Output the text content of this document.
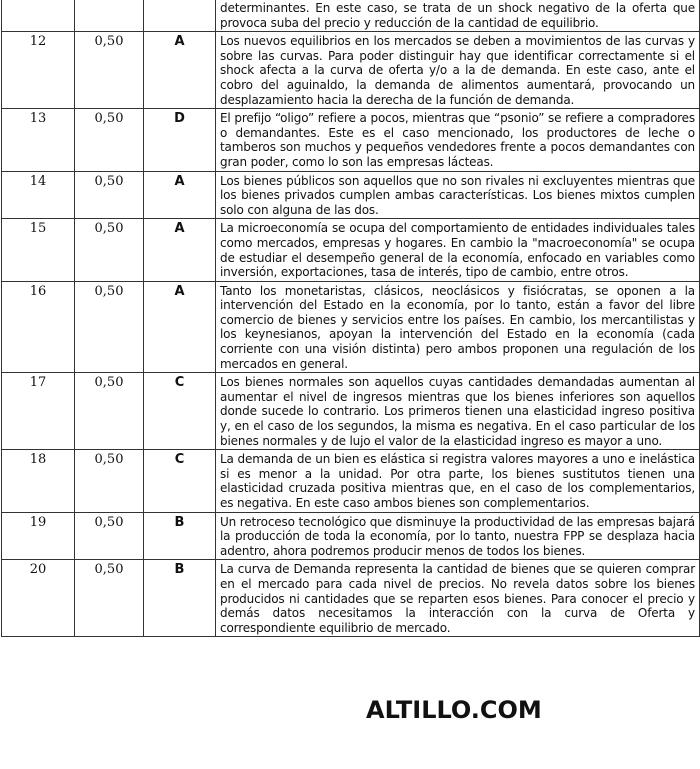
			determinantes. En este caso, se trata de un shock negativo de la oferta que provoca suba del precio y reducción de la cantidad de equilibrio.
12	0,50	A	Los nuevos equilibrios en los mercados se deben a movimientos de las curvas y sobre las curvas. Para poder distinguir hay que identificar correctamente si el shock afecta a la curva de oferta y/o a la de demanda. En este caso, ante el cobro del aguinaldo, la demanda de alimentos aumentará, provocando un desplazamiento hacia la derecha de la función de demanda.
13	0,50	D	El prefijo “oligo” refiere a pocos, mientras que “psonio” se refiere a compradores o demandantes. Este es el caso mencionado, los productores de leche o tamberos son muchos y pequeños vendedores frente a pocos demandantes con gran poder, como lo son las empresas lácteas.
14	0,50	A	Los bienes públicos son aquellos que no son rivales ni excluyentes mientras que los bienes privados cumplen ambas características. Los bienes mixtos cumplen solo con alguna de las dos.
15	0,50	A	La microeconomía se ocupa del comportamiento de entidades individuales tales como mercados, empresas y hogares. En cambio la "macroeconomía" se ocupa de estudiar el desempeño general de la economía, enfocado en variables como inversión, exportaciones, tasa de interés, tipo de cambio, entre otros.
16	0,50	A	Tanto los monetaristas, clásicos, neoclásicos y fisiócratas, se oponen a la intervención del Estado en la economía, por lo tanto, están a favor del libre comercio de bienes y servicios entre los países. En cambio, los mercantilistas y los keynesianos, apoyan la intervención del Estado en la economía (cada corriente con una visión distinta) pero ambos proponen una regulación de los mercados en general.
17	0,50	C	Los bienes normales son aquellos cuyas cantidades demandadas aumentan al aumentar el nivel de ingresos mientras que los bienes inferiores son aquellos donde sucede lo contrario. Los primeros tienen una elasticidad ingreso positiva y, en el caso de los segundos, la misma es negativa. En el caso particular de los bienes normales y de lujo el valor de la elasticidad ingreso es mayor a uno.
18	0,50	C	La demanda de un bien es elástica si registra valores mayores a uno e inelástica si es menor a la unidad. Por otra parte, los bienes sustitutos tienen una elasticidad cruzada positiva mientras que, en el caso de los complementarios, es negativa. En este caso ambos bienes son complementarios.
19	0,50	B	Un retroceso tecnológico que disminuye la productividad de las empresas bajará la producción de toda la economía, por lo tanto, nuestra FPP se desplaza hacia adentro, ahora podremos producir menos de todos los bienes.
20	0,50	B	La curva de Demanda representa la cantidad de bienes que se quieren comprar en el mercado para cada nivel de precios. No revela datos sobre los bienes producidos ni cantidades que se reparten esos bienes. Para conocer el precio y demás datos necesitamos la interacción con la curva de Oferta y correspondiente equilibrio de mercado.
ALTILLO.COM
